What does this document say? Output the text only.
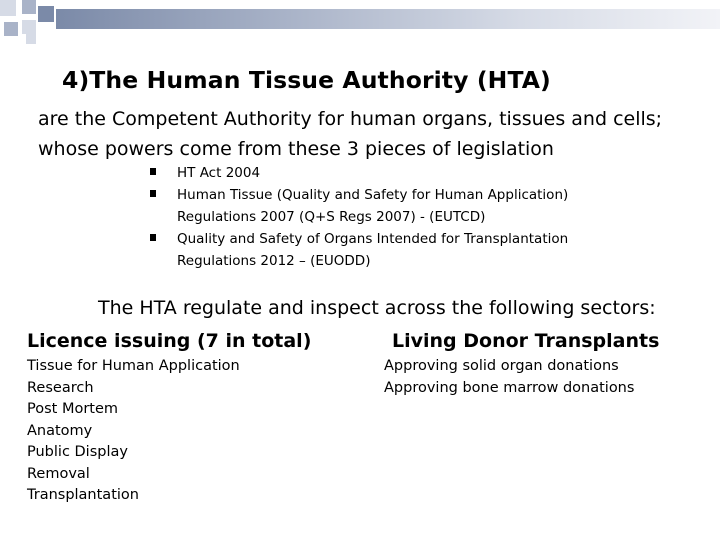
4)The Human Tissue Authority (HTA)
are the Competent Authority for human organs, tissues and cells;
whose powers come from these 3 pieces of legislation
HT Act 2004
Human Tissue (Quality and Safety for Human Application)
Regulations 2007 (Q+S Regs 2007) - (EUTCD)
Quality and Safety of Organs Intended for Transplantation
Regulations 2012 – (EUODD)

The HTA regulate and inspect across the following sectors:

Licence issuing (7 in total)
Tissue for Human Application
Research
Post Mortem
Anatomy
Public Display
Removal
Transplantation
Living Donor Transplants
Approving solid organ donations
Approving bone marrow donations
